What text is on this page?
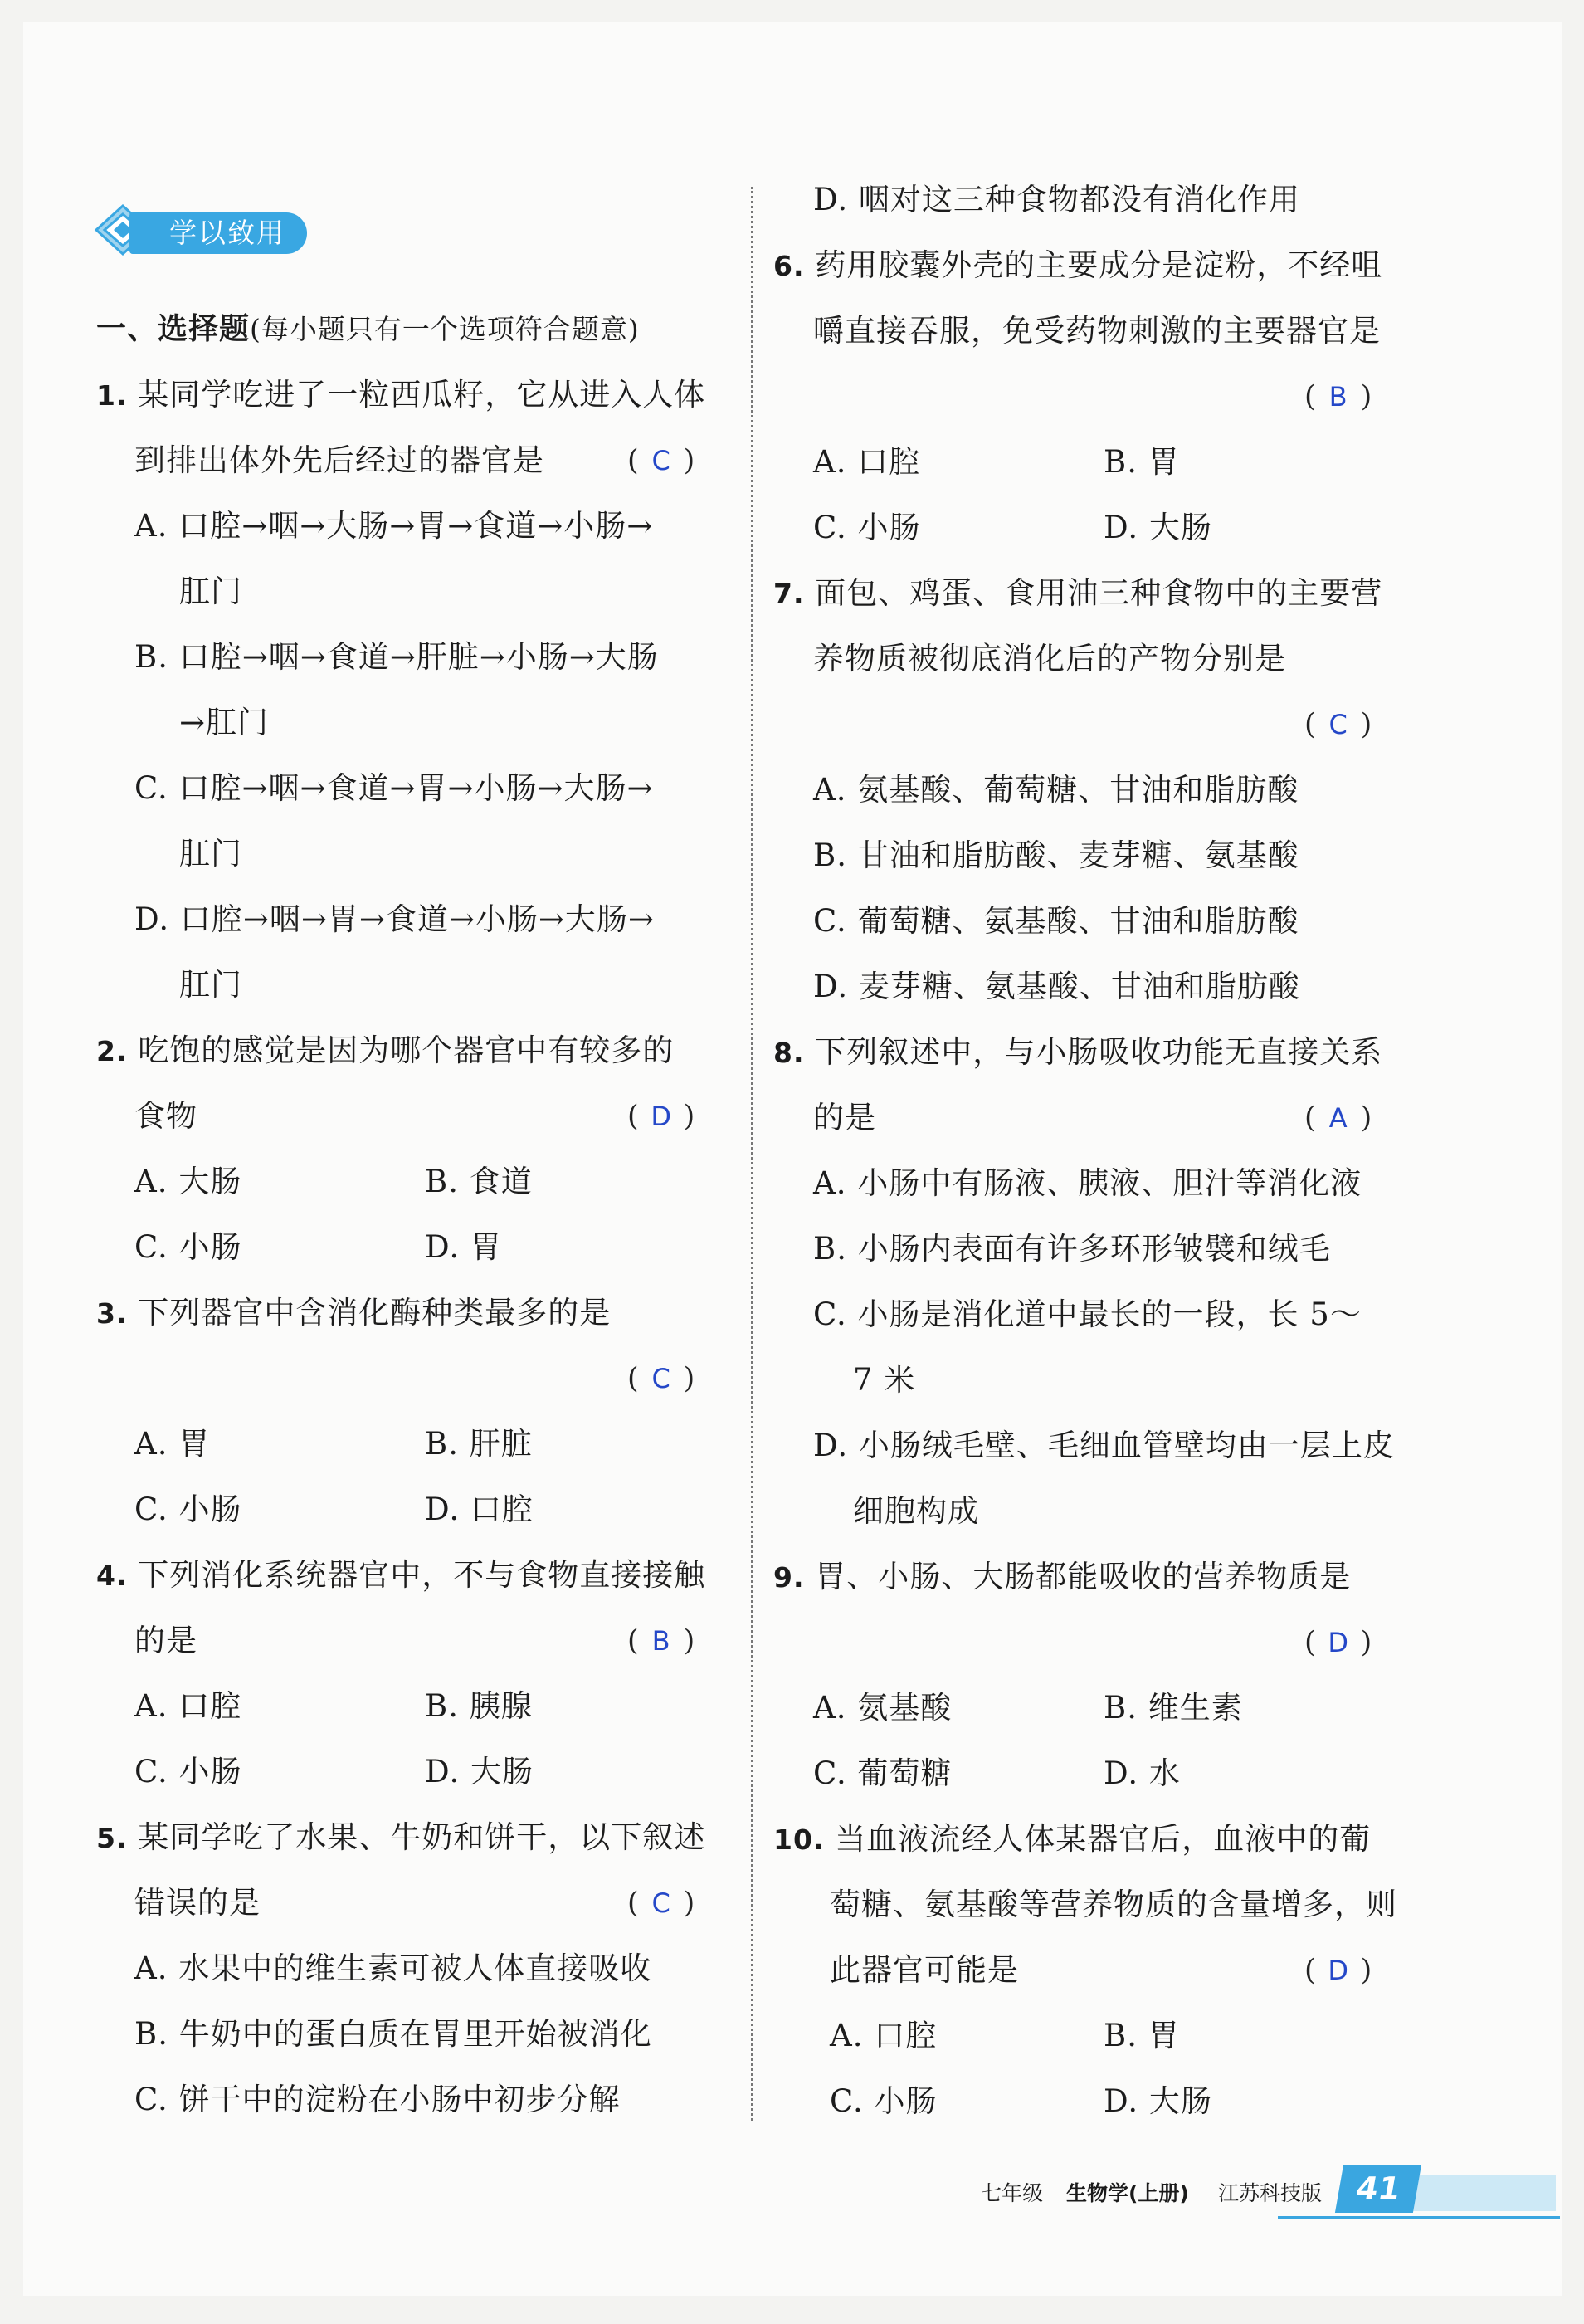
学以致用
一、选择题(每小题只有一个选项符合题意)
1. 某同学吃进了一粒西瓜籽，它从进入人体
到排出体外先后经过的器官是	( C )
A. 口腔→咽→大肠→胃→食道→小肠→
肛门
B. 口腔→咽→食道→肝脏→小肠→大肠
→肛门
C. 口腔→咽→食道→胃→小肠→大肠→
肛门
D. 口腔→咽→胃→食道→小肠→大肠→
肛门
2. 吃饱的感觉是因为哪个器官中有较多的
食物	( D )
A. 大肠	B. 食道
C. 小肠	D. 胃
3. 下列器官中含消化酶种类最多的是
( C )
A. 胃	B. 肝脏
C. 小肠	D. 口腔
4. 下列消化系统器官中，不与食物直接接触
的是	( B )
A. 口腔	B. 胰腺
C. 小肠	D. 大肠
5. 某同学吃了水果、牛奶和饼干，以下叙述
错误的是	( C )
A. 水果中的维生素可被人体直接吸收
B. 牛奶中的蛋白质在胃里开始被消化
C. 饼干中的淀粉在小肠中初步分解
D. 咽对这三种食物都没有消化作用
6. 药用胶囊外壳的主要成分是淀粉，不经咀
嚼直接吞服，免受药物刺激的主要器官是
( B )
A. 口腔	B. 胃
C. 小肠	D. 大肠
7. 面包、鸡蛋、食用油三种食物中的主要营
养物质被彻底消化后的产物分别是
( C )
A. 氨基酸、葡萄糖、甘油和脂肪酸
B. 甘油和脂肪酸、麦芽糖、氨基酸
C. 葡萄糖、氨基酸、甘油和脂肪酸
D. 麦芽糖、氨基酸、甘油和脂肪酸
8. 下列叙述中，与小肠吸收功能无直接关系
的是	( A )
A. 小肠中有肠液、胰液、胆汁等消化液
B. 小肠内表面有许多环形皱襞和绒毛
C. 小肠是消化道中最长的一段，长 5～
7 米
D. 小肠绒毛壁、毛细血管壁均由一层上皮
细胞构成
9. 胃、小肠、大肠都能吸收的营养物质是
( D )
A. 氨基酸	B. 维生素
C. 葡萄糖	D. 水
10. 当血液流经人体某器官后，血液中的葡
萄糖、氨基酸等营养物质的含量增多，则
此器官可能是	( D )
A. 口腔	B. 胃
C. 小肠	D. 大肠
七年级 生物学(上册) 江苏科技版 41
